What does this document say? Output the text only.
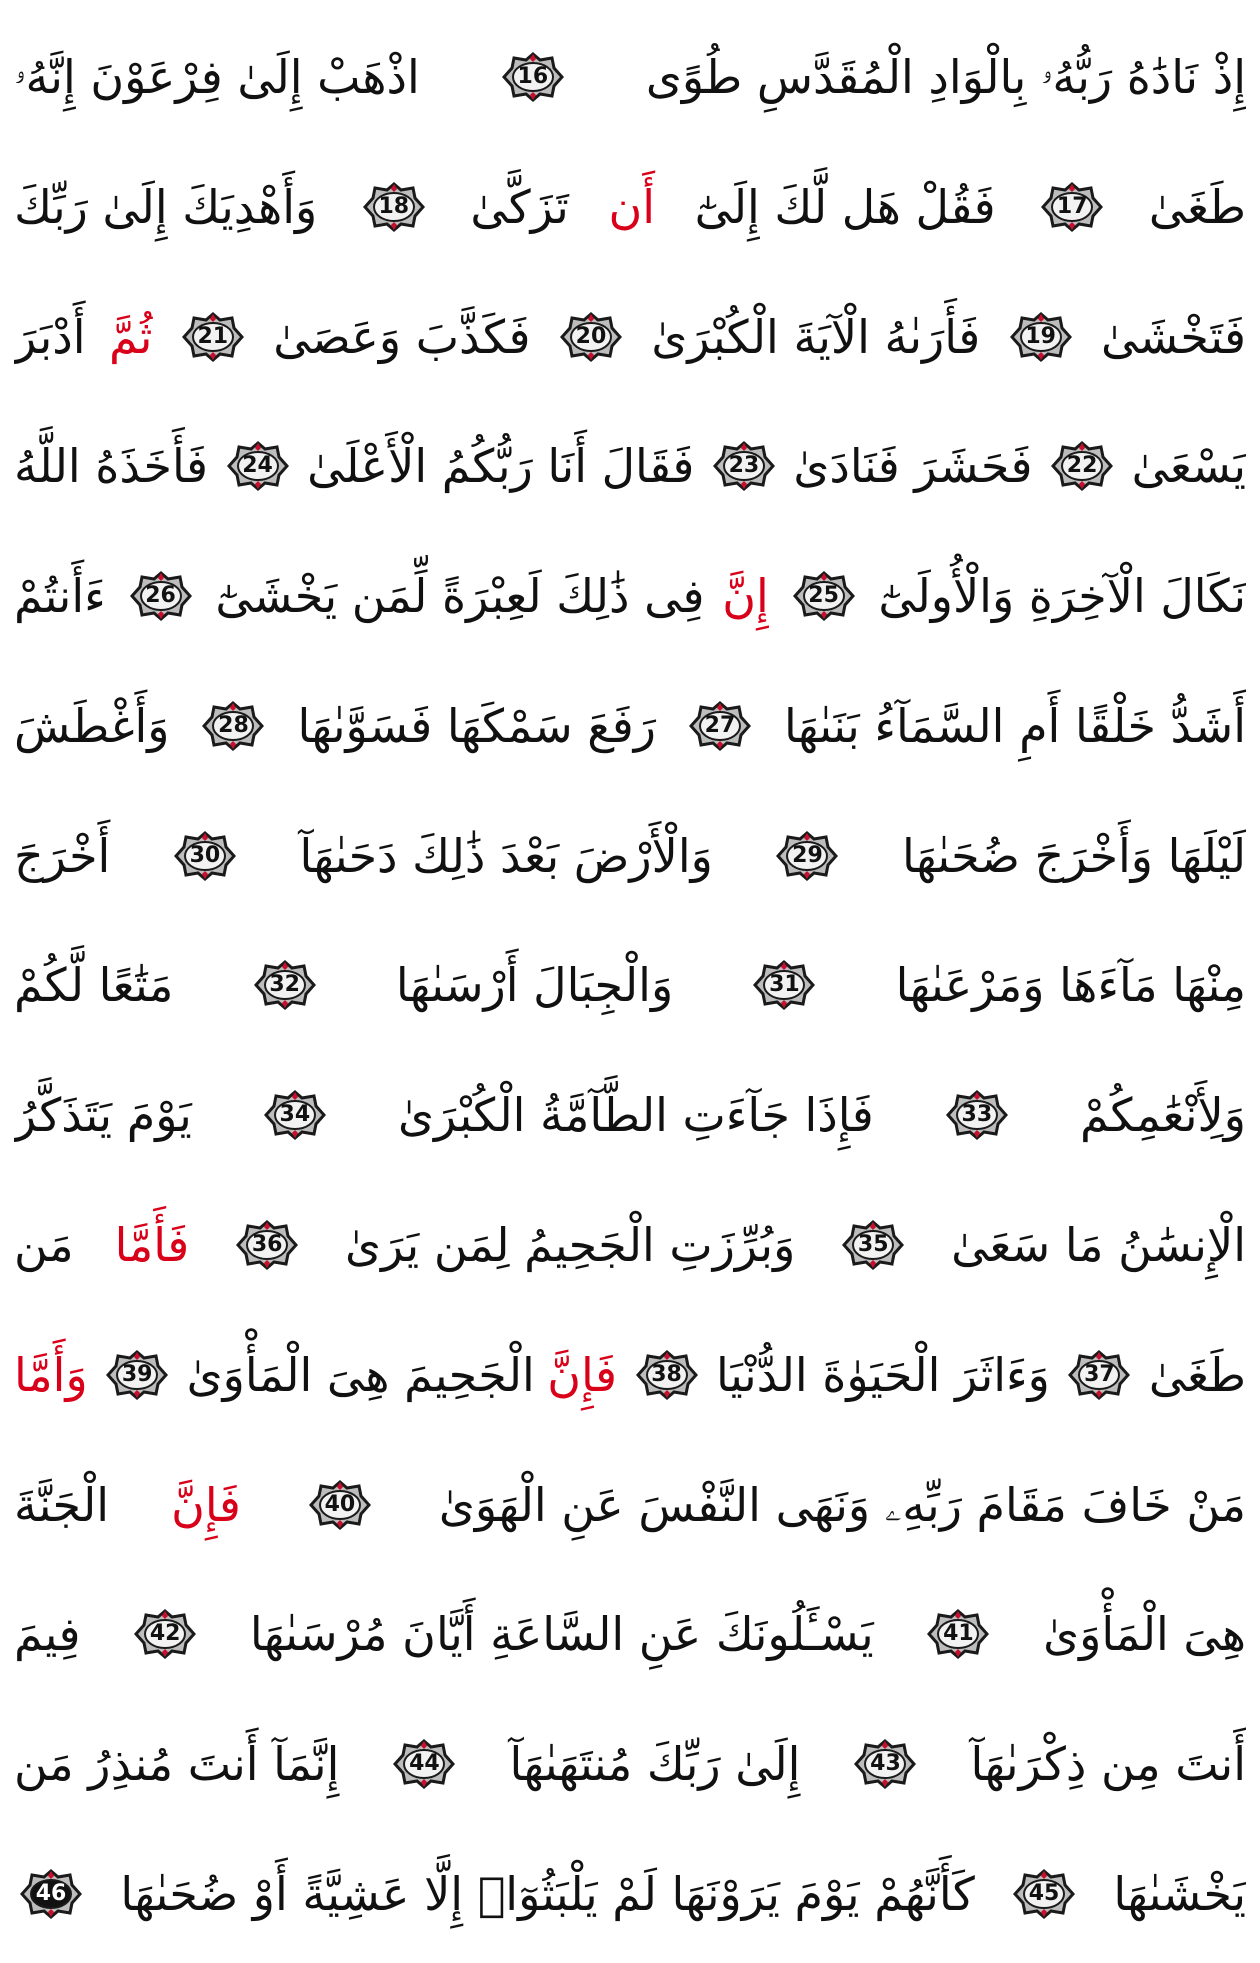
إِذْ نَادَٰهُ رَبُّهُۥ بِالْوَادِ الْمُقَدَّسِ طُوًى
16
اذْهَبْ إِلَىٰ فِرْعَوْنَ إِنَّهُۥ
طَغَىٰ
17
فَقُلْ هَل لَّكَ إِلَىٰٓ
أَن
تَزَكَّىٰ
18
وَأَهْدِيَكَ إِلَىٰ رَبِّكَ
فَتَخْشَىٰ
19
فَأَرَىٰهُ الْآيَةَ الْكُبْرَىٰ
20
فَكَذَّبَ وَعَصَىٰ
21
ثُمَّ
أَدْبَرَ
يَسْعَىٰ
22
فَحَشَرَ فَنَادَىٰ
23
فَقَالَ أَنَا رَبُّكُمُ الْأَعْلَىٰ
24
فَأَخَذَهُ اللَّهُ
نَكَالَ الْآخِرَةِ وَالْأُولَىٰٓ
25
إِنَّ
فِى ذَٰلِكَ لَعِبْرَةً لِّمَن يَخْشَىٰٓ
26
ءَأَنتُمْ
أَشَدُّ خَلْقًا أَمِ السَّمَآءُ بَنَىٰهَا
27
رَفَعَ سَمْكَهَا فَسَوَّىٰهَا
28
وَأَغْطَشَ
لَيْلَهَا وَأَخْرَجَ ضُحَىٰهَا
29
وَالْأَرْضَ بَعْدَ ذَٰلِكَ دَحَىٰهَآ
30
أَخْرَجَ
مِنْهَا مَآءَهَا وَمَرْعَىٰهَا
31
وَالْجِبَالَ أَرْسَىٰهَا
32
مَتَٰعًا لَّكُمْ
وَلِأَنْعَٰمِكُمْ
33
فَإِذَا جَآءَتِ الطَّآمَّةُ الْكُبْرَىٰ
34
يَوْمَ يَتَذَكَّرُ
الْإِنسَٰنُ مَا سَعَىٰ
35
وَبُرِّزَتِ الْجَحِيمُ لِمَن يَرَىٰ
36
فَأَمَّا
مَن
طَغَىٰ
37
وَءَاثَرَ الْحَيَوٰةَ الدُّنْيَا
38
فَإِنَّ
الْجَحِيمَ هِىَ الْمَأْوَىٰ
39
وَأَمَّا
مَنْ خَافَ مَقَامَ رَبِّهِۦ وَنَهَى النَّفْسَ عَنِ الْهَوَىٰ
40
فَإِنَّ
الْجَنَّةَ
هِىَ الْمَأْوَىٰ
41
يَسْـَٔلُونَكَ عَنِ السَّاعَةِ أَيَّانَ مُرْسَىٰهَا
42
فِيمَ
أَنتَ مِن ذِكْرَىٰهَآ
43
إِلَىٰ رَبِّكَ مُنتَهَىٰهَآ
44
إِنَّمَآ أَنتَ مُنذِرُ مَن
يَخْشَىٰهَا
45
كَأَنَّهُمْ يَوْمَ يَرَوْنَهَا لَمْ يَلْبَثُوٓا۟ إِلَّا عَشِيَّةً أَوْ ضُحَىٰهَا
46
